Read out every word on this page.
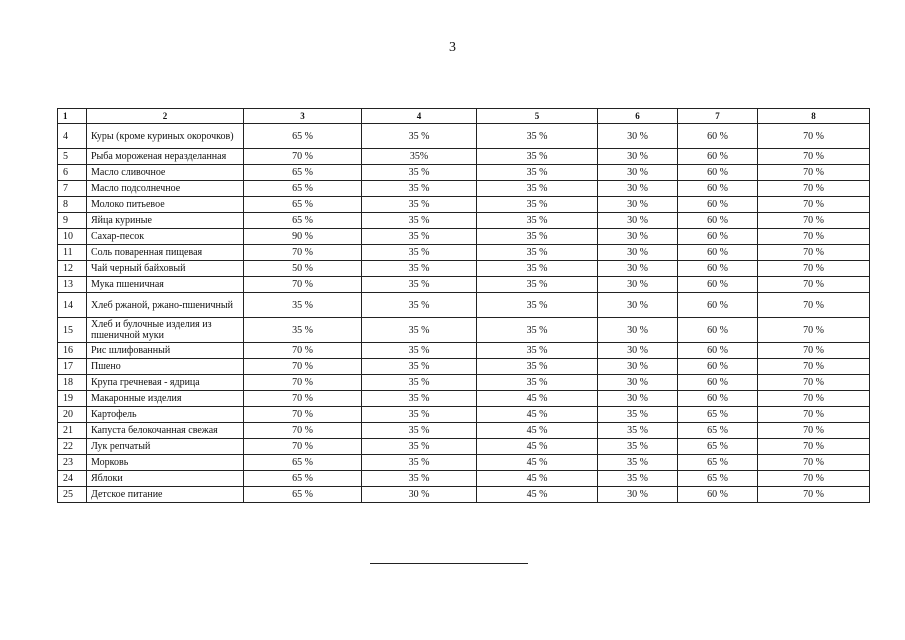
3
1	2	3	4	5	6	7	8
4	Куры (кроме куриных окорочков)	65 %	35 %	35 %	30 %	60 %	70 %
5	Рыба мороженая неразделанная	70 %	35%	35 %	30 %	60 %	70 %
6	Масло сливочное	65 %	35 %	35 %	30 %	60 %	70 %
7	Масло подсолнечное	65 %	35 %	35 %	30 %	60 %	70 %
8	Молоко питьевое	65 %	35 %	35 %	30 %	60 %	70 %
9	Яйца куриные	65 %	35 %	35 %	30 %	60 %	70 %
10	Сахар-песок	90 %	35 %	35 %	30 %	60 %	70 %
11	Соль поваренная пищевая	70 %	35 %	35 %	30 %	60 %	70 %
12	Чай черный байховый	50 %	35 %	35 %	30 %	60 %	70 %
13	Мука пшеничная	70 %	35 %	35 %	30 %	60 %	70 %
14	Хлеб ржаной, ржано-пшеничный	35 %	35 %	35 %	30 %	60 %	70 %
15	Хлеб и булочные изделия из пшеничной муки	35 %	35 %	35 %	30 %	60 %	70 %
16	Рис шлифованный	70 %	35 %	35 %	30 %	60 %	70 %
17	Пшено	70 %	35 %	35 %	30 %	60 %	70 %
18	Крупа гречневая - ядрица	70 %	35 %	35 %	30 %	60 %	70 %
19	Макаронные изделия	70 %	35 %	45 %	30 %	60 %	70 %
20	Картофель	70 %	35 %	45 %	35 %	65 %	70 %
21	Капуста белокочанная свежая	70 %	35 %	45 %	35 %	65 %	70 %
22	Лук репчатый	70 %	35 %	45 %	35 %	65 %	70 %
23	Морковь	65 %	35 %	45 %	35 %	65 %	70 %
24	Яблоки	65 %	35 %	45 %	35 %	65 %	70 %
25	Детское питание	65 %	30 %	45 %	30 %	60 %	70 %
